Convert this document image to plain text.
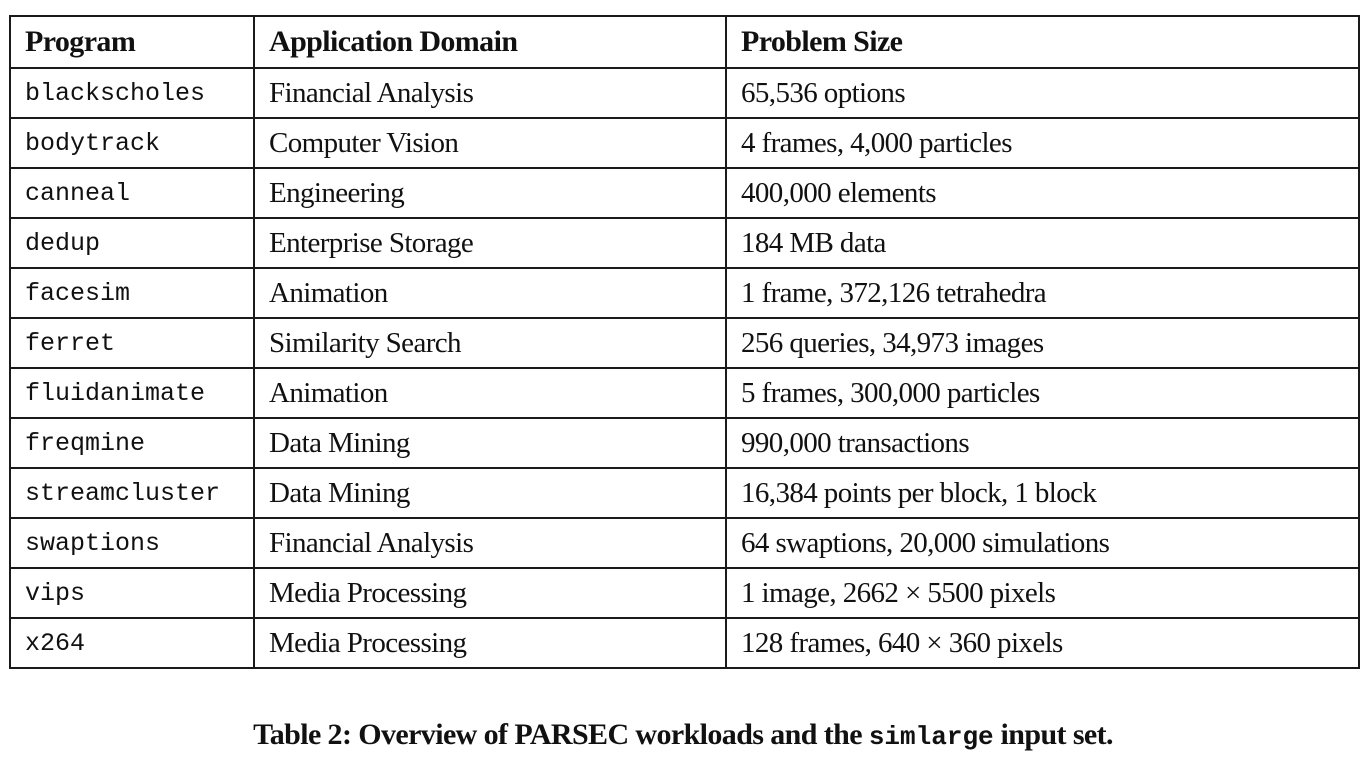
Program	Application Domain	Problem Size
blackscholes	Financial Analysis	65,536 options
bodytrack	Computer Vision	4 frames, 4,000 particles
canneal	Engineering	400,000 elements
dedup	Enterprise Storage	184 MB data
facesim	Animation	1 frame, 372,126 tetrahedra
ferret	Similarity Search	256 queries, 34,973 images
fluidanimate	Animation	5 frames, 300,000 particles
freqmine	Data Mining	990,000 transactions
streamcluster	Data Mining	16,384 points per block, 1 block
swaptions	Financial Analysis	64 swaptions, 20,000 simulations
vips	Media Processing	1 image, 2662 × 5500 pixels
x264	Media Processing	128 frames, 640 × 360 pixels
Table 2: Overview of PARSEC workloads and the simlarge input set.
